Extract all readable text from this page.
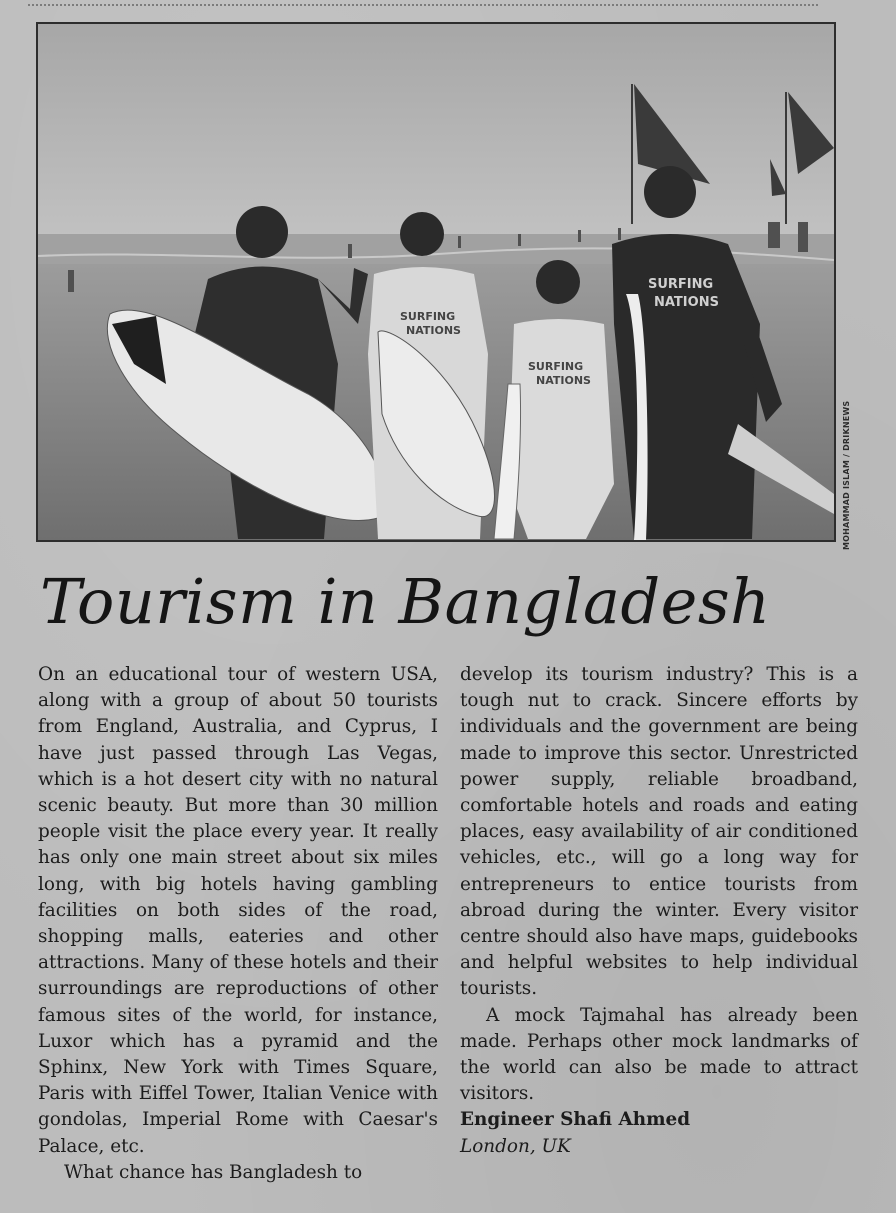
SURFING
NATIONS
SURFING
NATIONS
SURFING
NATIONS
MOHAMMAD ISLAM / DRIKNEWS
Tourism in Bangladesh

On an educational tour of western USA, along with a group of about 50 tourists from England, Australia, and Cyprus, I have just passed through Las Vegas, which is a hot desert city with no natural scenic beauty. But more than 30 million people visit the place every year. It really has only one main street about six miles long, with big hotels having gambling facilities on both sides of the road, shopping malls, eateries and other attractions. Many of these hotels and their surroundings are reproductions of other famous sites of the world, for instance, Luxor which has a pyramid and the Sphinx, New York with Times Square, Paris with Eiffel Tower, Italian Venice with gondolas, Imperial Rome with Caesar's Palace, etc.

What chance has Bangladesh to

develop its tourism industry? This is a tough nut to crack. Sincere efforts by individuals and the government are being made to improve this sector. Unrestricted power supply, reliable broadband, comfortable hotels and roads and eating places, easy availability of air conditioned vehicles, etc., will go a long way for entrepreneurs to entice tourists from abroad during the winter. Every visitor centre should also have maps, guidebooks and helpful websites to help individual tourists.

A mock Tajmahal has already been made. Perhaps other mock landmarks of the world can also be made to attract visitors.

Engineer Shafi Ahmed

London, UK
